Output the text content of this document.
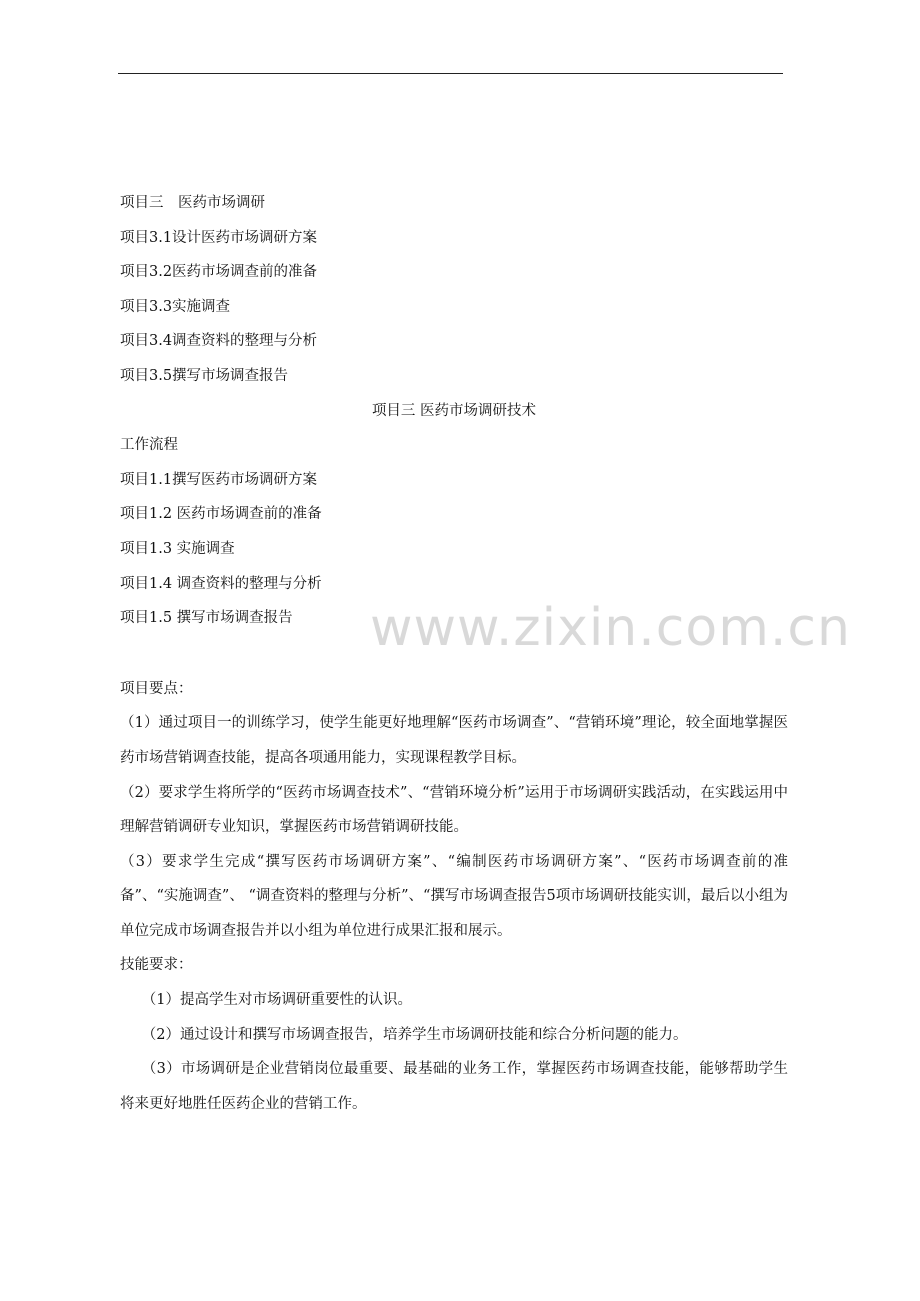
项目三　医药市场调研
项目3.1设计医药市场调研方案
项目3.2医药市场调查前的准备
项目3.3实施调查
项目3.4调查资料的整理与分析
项目3.5撰写市场调查报告
项目三 医药市场调研技术
工作流程
项目1.1撰写医药市场调研方案
项目1.2 医药市场调查前的准备
项目1.3 实施调查
项目1.4 调查资料的整理与分析
项目1.5 撰写市场调查报告
项目要点：
（1）通过项目一的训练学习，使学生能更好地理解“医药市场调查”、“营销环境”理论，较全面地掌握医药市场营销调查技能，提高各项通用能力，实现课程教学目标。
（2）要求学生将所学的“医药市场调查技术”、“营销环境分析”运用于市场调研实践活动，在实践运用中理解营销调研专业知识，掌握医药市场营销调研技能。
（3）要求学生完成“撰写医药市场调研方案”、“编制医药市场调研方案”、“医药市场调查前的准备”、“实施调查”、 “调查资料的整理与分析”、“撰写市场调查报告5项市场调研技能实训，最后以小组为单位完成市场调查报告并以小组为单位进行成果汇报和展示。
技能要求：
（1）提高学生对市场调研重要性的认识。
（2）通过设计和撰写市场调查报告，培养学生市场调研技能和综合分析问题的能力。
（3）市场调研是企业营销岗位最重要、最基础的业务工作，掌握医药市场调查技能，能够帮助学生将来更好地胜任医药企业的营销工作。
www.zixin.com.cn
